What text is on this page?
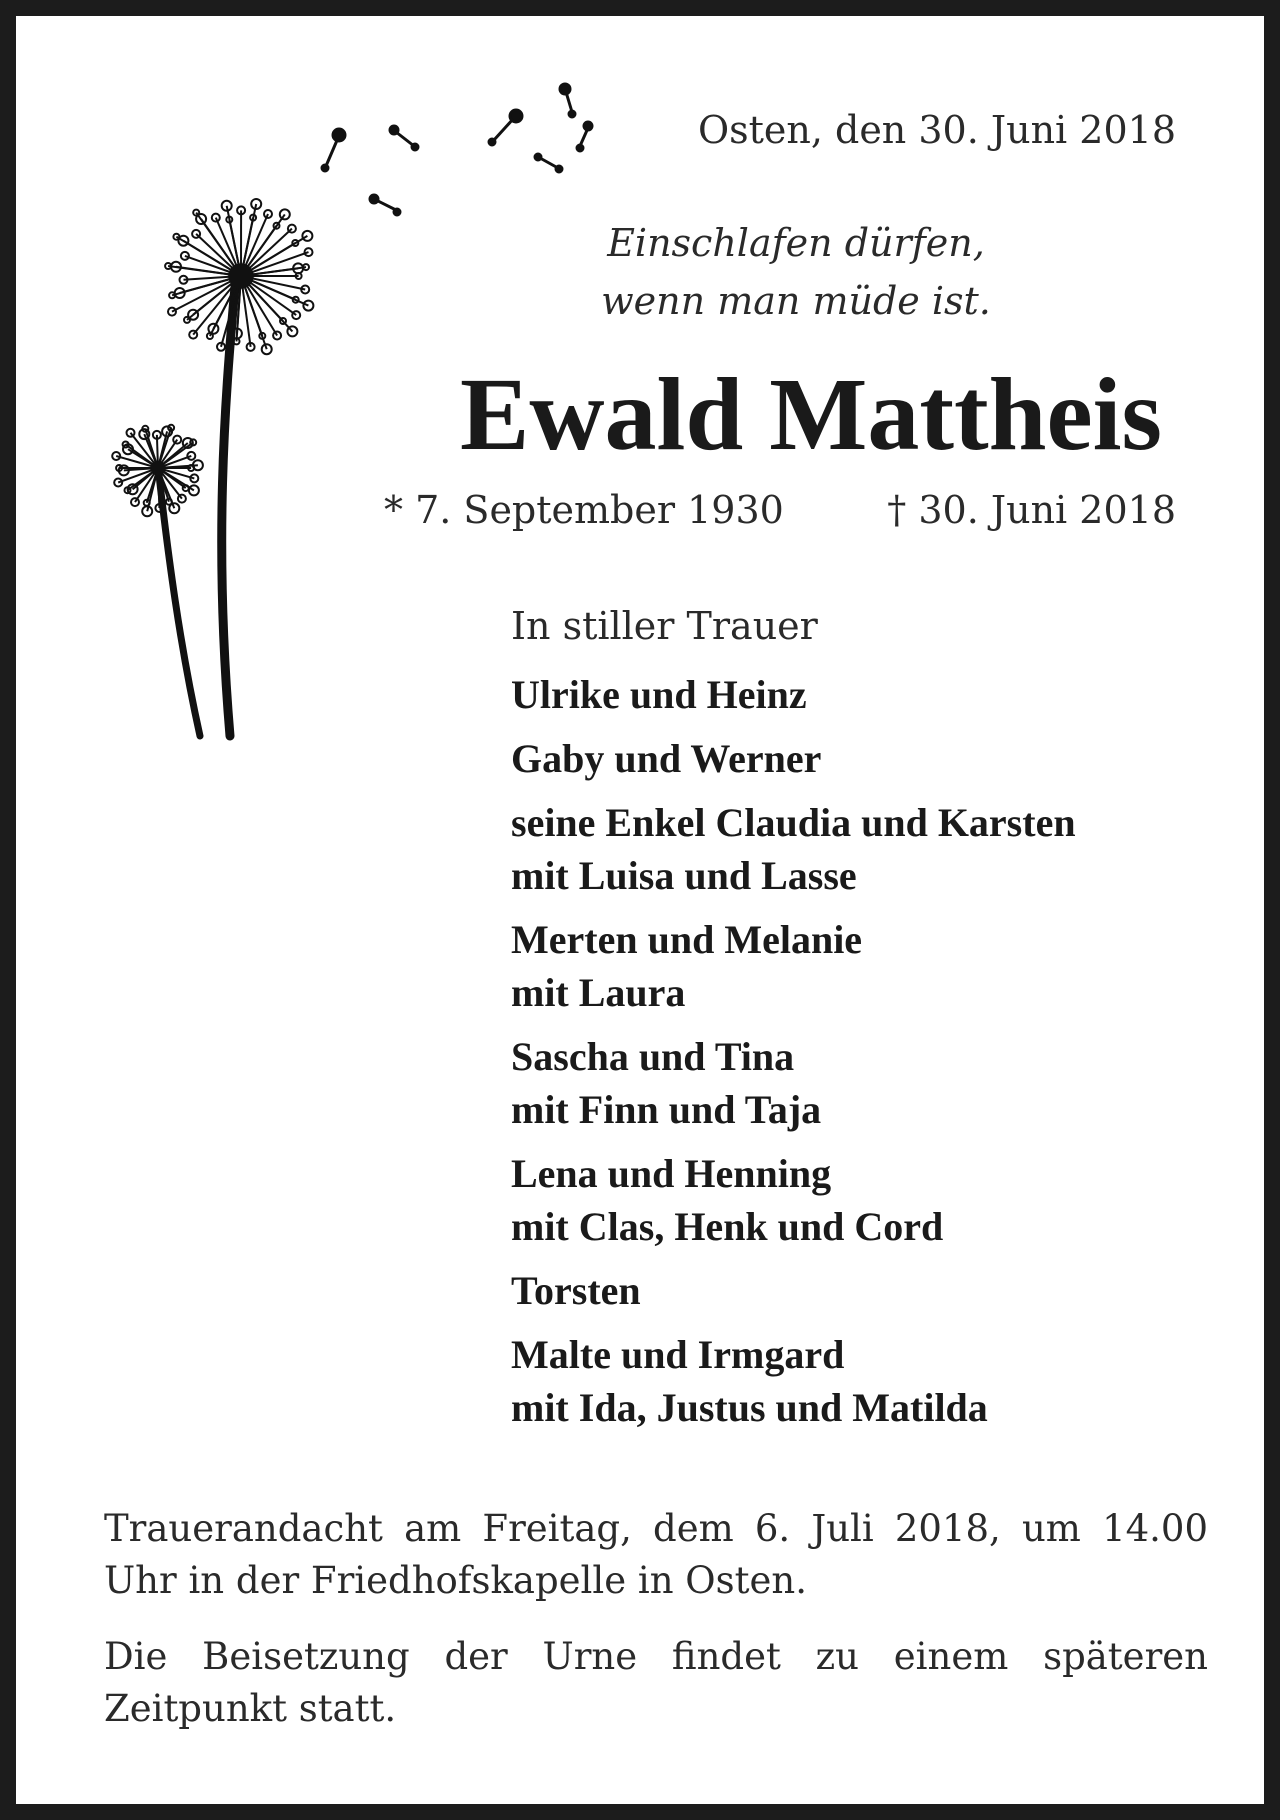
Osten, den 30. Juni 2018
Einschlafen dürfen,
wenn man müde ist.
Ewald Mattheis
* 7. September 1930	† 30. Juni 2018
In stiller Trauer
Ulrike und Heinz
Gaby und Werner
seine Enkel Claudia und Karsten
mit Luisa und Lasse
Merten und Melanie
mit Laura
Sascha und Tina
mit Finn und Taja
Lena und Henning
mit Clas, Henk und Cord
Torsten
Malte und Irmgard
mit Ida, Justus und Matilda
Trauerandacht am Freitag, dem 6. Juli 2018, um 14.00 Uhr in der Friedhofskapelle in Osten.
Die Beisetzung der Urne findet zu einem späteren Zeitpunkt statt.
